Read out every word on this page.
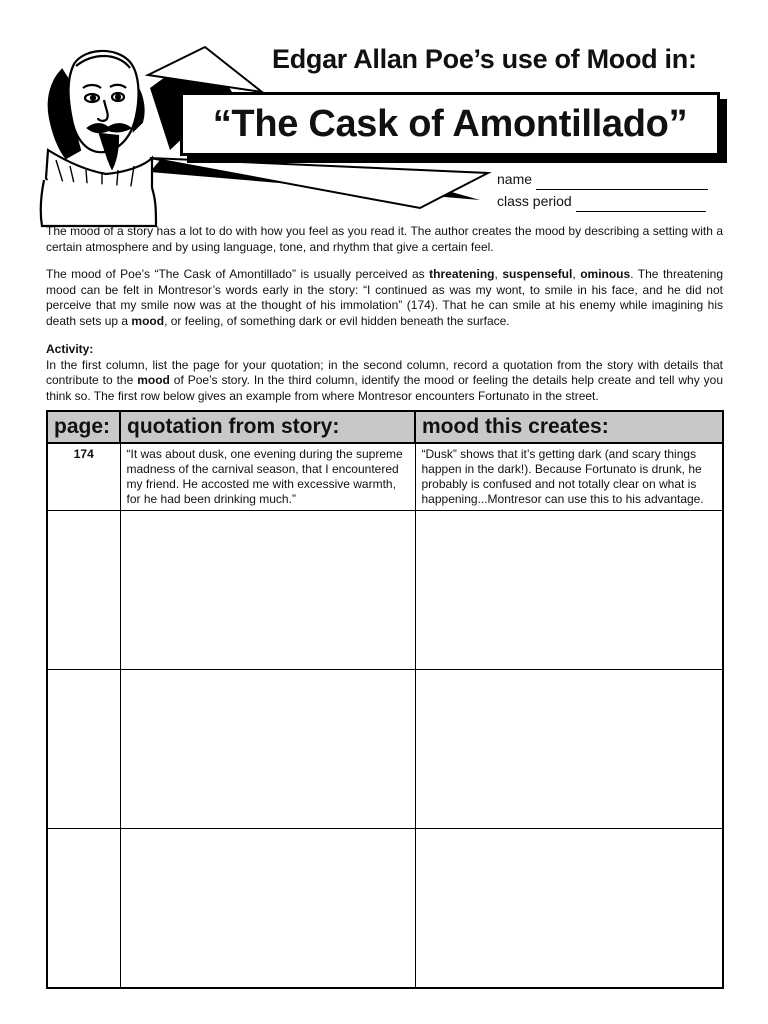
Edgar Allan Poe’s use of Mood in:
“The Cask of Amontillado”
name
class period

The mood of a story has a lot to do with how you feel as you read it. The author creates the mood by describing a setting with a certain atmosphere and by using language, tone, and rhythm that give a certain feel.

The mood of Poe’s “The Cask of Amontillado” is usually perceived as threatening, suspenseful, ominous. The threatening mood can be felt in Montresor’s words early in the story: “I continued as was my wont, to smile in his face, and he did not perceive that my smile now was at the thought of his immolation” (174). That he can smile at his enemy while imagining his death sets up a mood, or feeling, of something dark or evil hidden beneath the surface.

Activity:
In the first column, list the page for your quotation; in the second column, record a quotation from the story with details that contribute to the mood of Poe’s story. In the third column, identify the mood or feeling the details help create and tell why you think so. The first row below gives an example from where Montresor encounters Fortunato in the street.

page:	quotation from story:	mood this creates:
174	“It was about dusk, one evening during the supreme madness of the carnival season, that I encountered my friend. He accosted me with excessive warmth, for he had been drinking much.”	“Dusk” shows that it’s getting dark (and scary things happen in the dark!). Because Fortunato is drunk, he probably is confused and not totally clear on what is happening...Montresor can use this to his advantage.
